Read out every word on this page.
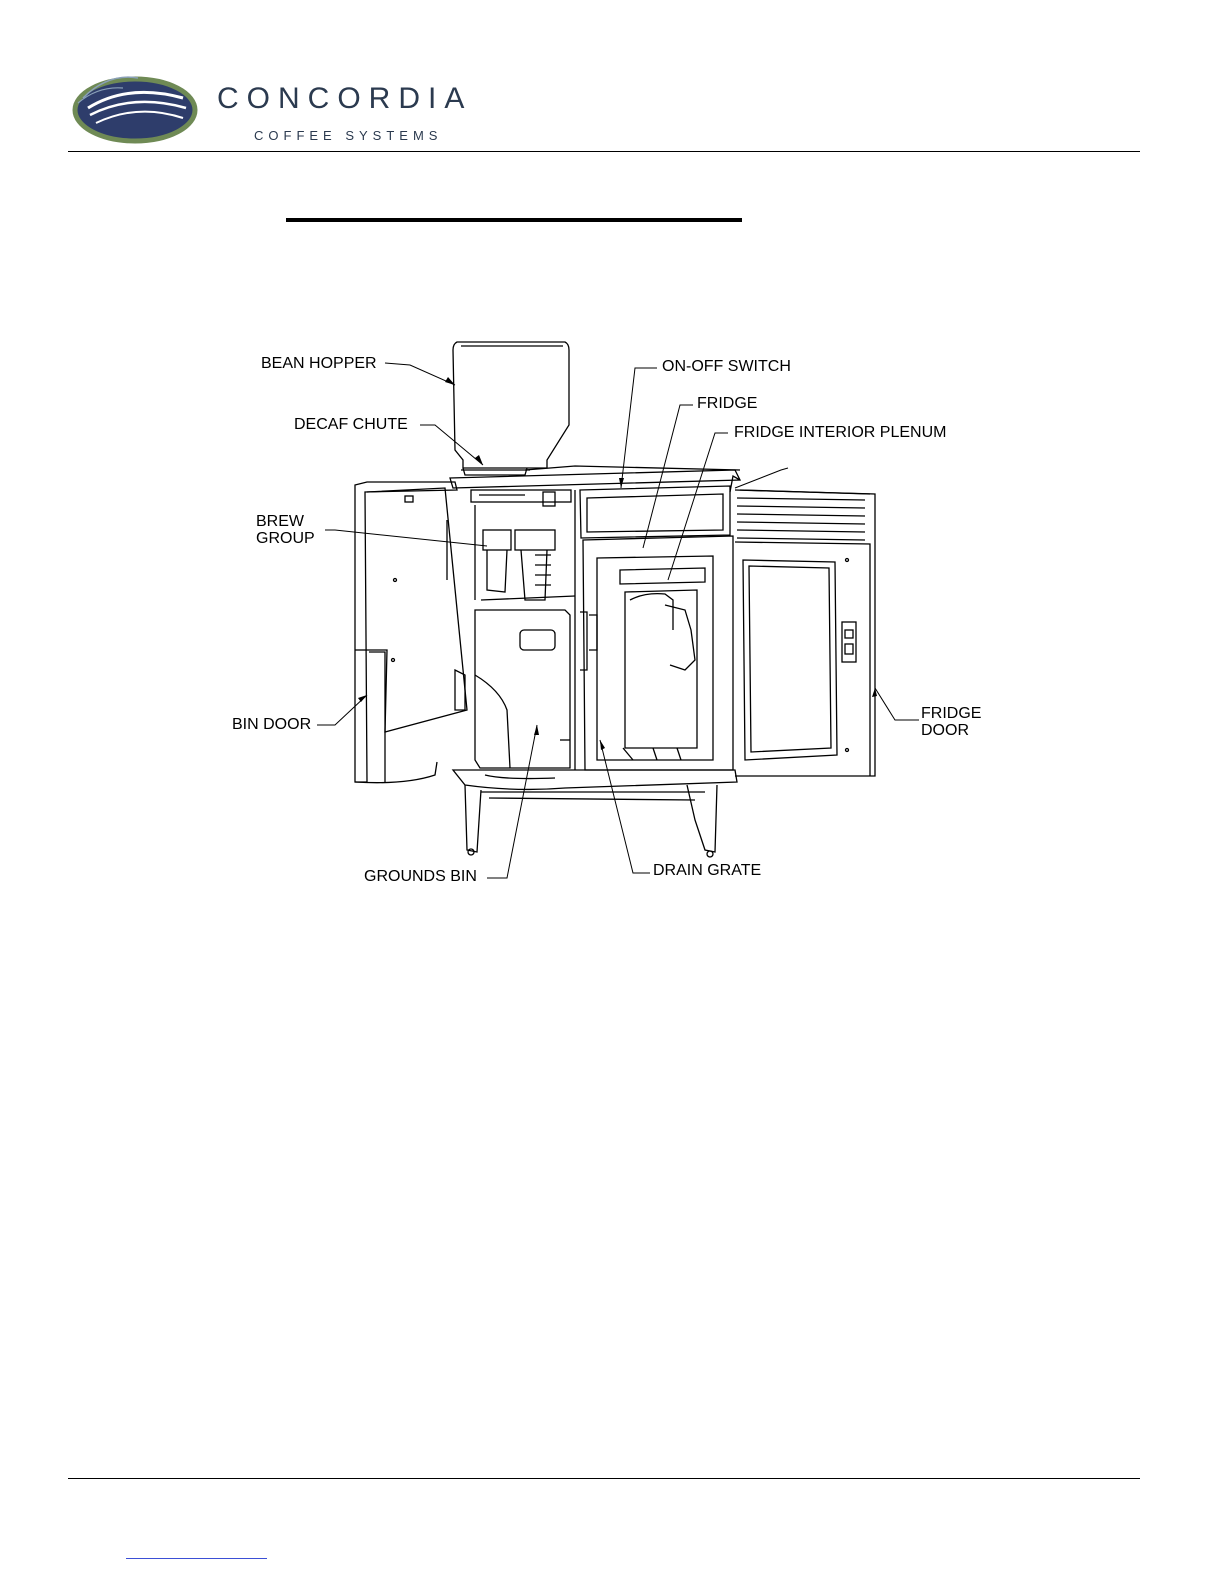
CONCORDIA
COFFEE SYSTEMS
BEAN HOPPER
DECAF CHUTE
BREW
GROUP
BIN DOOR
GROUNDS BIN
ON-OFF SWITCH
FRIDGE
FRIDGE INTERIOR PLENUM
FRIDGE
DOOR
DRAIN GRATE
